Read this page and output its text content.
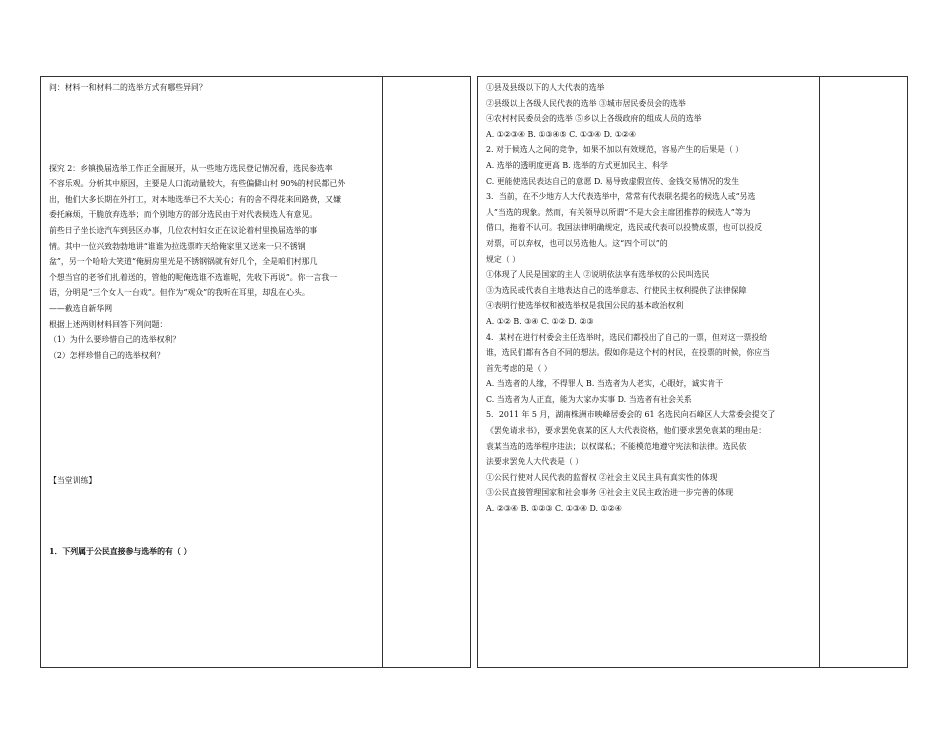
问：材料一和材料二的选举方式有哪些异同？
探究 2：乡镇换届选举工作正全面展开，从一些地方选民登记情况看，选民参选率
不容乐观。分析其中原因，主要是人口流动量较大，有些偏僻山村 90%的村民都已外
出，他们大多长期在外打工，对本地选举已不大关心；有的舍不得花来回路费，又嫌
委托麻烦，干脆放弃选举；而个别地方的部分选民由于对代表候选人有意见。
前些日子坐长途汽车到县区办事，几位农村妇女正在议论着村里换届选举的事
情。其中一位兴致勃勃地讲“谁谁为拉选票昨天给俺家里又送来一只不锈钢
盆”，另一个哈哈大笑道“俺厨房里光是不锈钢锅就有好几个，全是咱们村那几
个想当官的老爷们扎着送的，管他的呢俺选谁不选谁呢，先收下再说”。你一言我一
语，分明是“三个女人一台戏”。但作为“观众”的我听在耳里，却乱在心头。
——截选自新华网
根据上述两则材料回答下列问题：
（1）为什么要珍惜自己的选举权利？
（2）怎样珍惜自己的选举权利？
【当堂训练】
1．下列属于公民直接参与选举的有（ ）
①县及县级以下的人大代表的选举
②县级以上各级人民代表的选举 ③城市居民委员会的选举
④农村村民委员会的选举 ⑤乡以上各级政府的组成人员的选举
A. ①②③④ B. ①③④⑤ C. ①③④ D. ①②④
2. 对于候选人之间的竞争，如果不加以有效规范，容易产生的后果是（ ）
A. 选举的透明度更高 B. 选举的方式更加民主、科学
C. 更能使选民表达自己的意愿 D. 易导致虚假宣传、金钱交易情况的发生
3．当前，在不少地方人大代表选举中，常常有代表联名提名的候选人或“另选
人”当选的现象。然而，有关领导以所谓“不是大会主席团推荐的候选人”等为
借口，拖着不认可。我国法律明确规定，选民或代表可以投赞成票，也可以投反
对票，可以弃权，也可以另选他人。这“四个可以”的
规定（ ）
①体现了人民是国家的主人 ②说明依法享有选举权的公民叫选民
③为选民或代表自主地表达自己的选举意志、行使民主权利提供了法律保障
④表明行使选举权和被选举权是我国公民的基本政治权利
A. ①② B. ③④ C. ①② D. ②③
4．某村在进行村委会主任选举时，选民们都投出了自己的一票，但对这一票投给
谁，选民们都有各自不同的想法。假如你是这个村的村民，在投票的时候，你应当
首先考虑的是（ ）
A. 当选者的人缘，不得罪人 B. 当选者为人老实，心眼好，诚实肯干
C. 当选者为人正直，能为大家办实事 D. 当选者有社会关系
5．2011 年 5 月，湖南株洲市映峰居委会的 61 名选民向石峰区人大常委会提交了
《罢免请求书》，要求罢免袁某的区人大代表资格，他们要求罢免袁某的理由是：
袁某当选的选举程序违法；以权谋私；不能模范地遵守宪法和法律。选民依
法要求罢免人大代表是（ ）
①公民行使对人民代表的监督权 ②社会主义民主具有真实性的体现
③公民直接管理国家和社会事务 ④社会主义民主政治进一步完善的体现
A. ②③④ B. ①②③ C. ①③④ D. ①②④
